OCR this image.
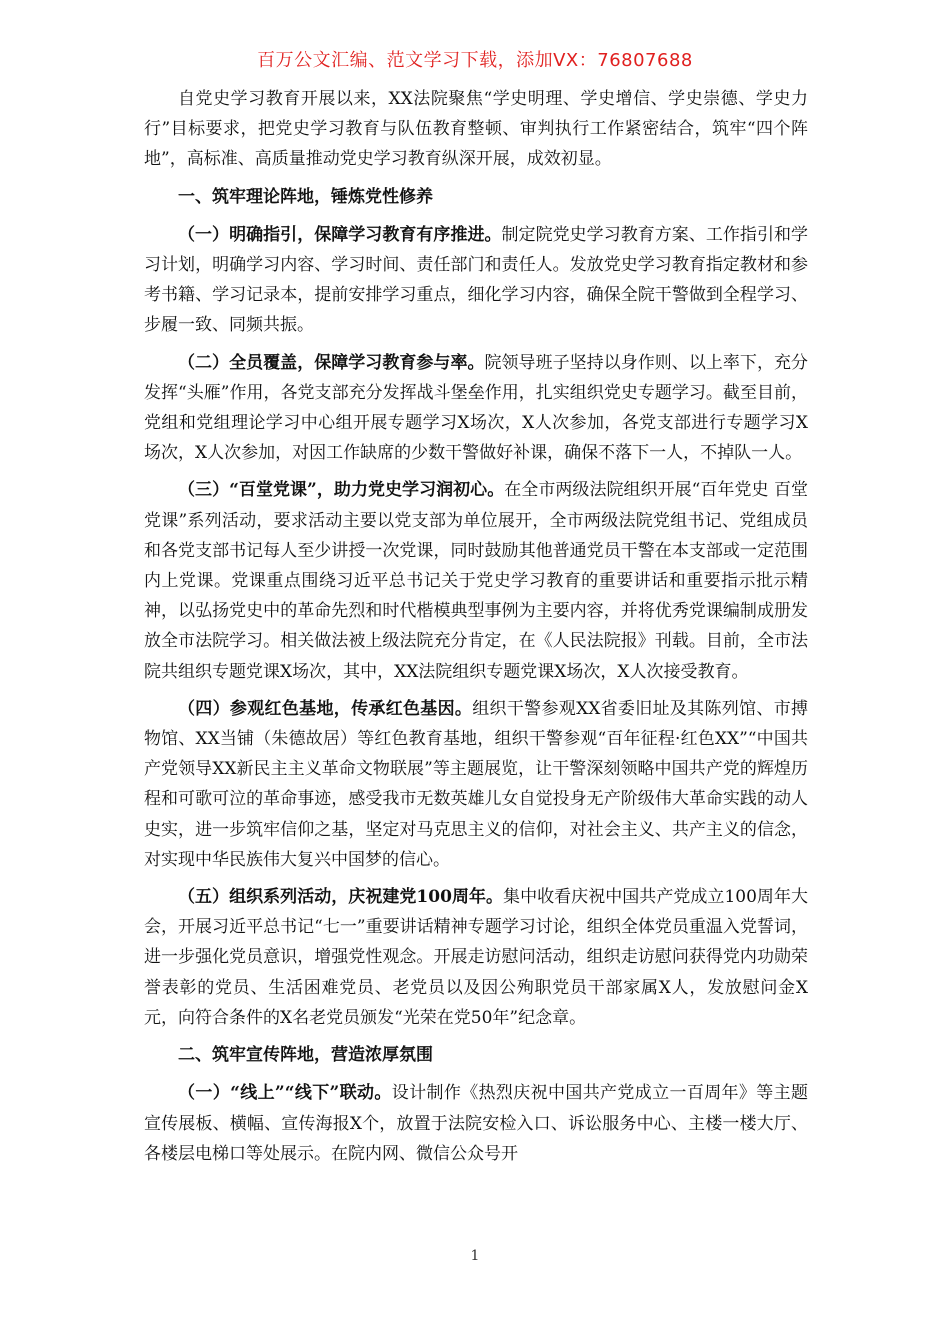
百万公文汇编、范文学习下载，添加VX：76807688

自党史学习教育开展以来，XX法院聚焦“学史明理、学史增信、学史崇德、学史力行”目标要求，把党史学习教育与队伍教育整顿、审判执行工作紧密结合，筑牢“四个阵地”，高标准、高质量推动党史学习教育纵深开展，成效初显。

一、筑牢理论阵地，锤炼党性修养

（一）明确指引，保障学习教育有序推进。制定院党史学习教育方案、工作指引和学习计划，明确学习内容、学习时间、责任部门和责任人。发放党史学习教育指定教材和参考书籍、学习记录本，提前安排学习重点，细化学习内容，确保全院干警做到全程学习、步履一致、同频共振。

（二）全员覆盖，保障学习教育参与率。院领导班子坚持以身作则、以上率下，充分发挥“头雁”作用，各党支部充分发挥战斗堡垒作用，扎实组织党史专题学习。截至目前，党组和党组理论学习中心组开展专题学习X场次，X人次参加，各党支部进行专题学习X场次，X人次参加，对因工作缺席的少数干警做好补课，确保不落下一人，不掉队一人。

（三）“百堂党课”，助力党史学习润初心。在全市两级法院组织开展“百年党史 百堂党课”系列活动，要求活动主要以党支部为单位展开，全市两级法院党组书记、党组成员和各党支部书记每人至少讲授一次党课，同时鼓励其他普通党员干警在本支部或一定范围内上党课。党课重点围绕习近平总书记关于党史学习教育的重要讲话和重要指示批示精神，以弘扬党史中的革命先烈和时代楷模典型事例为主要内容，并将优秀党课编制成册发放全市法院学习。相关做法被上级法院充分肯定，在《人民法院报》刊载。目前，全市法院共组织专题党课X场次，其中，XX法院组织专题党课X场次，X人次接受教育。

（四）参观红色基地，传承红色基因。组织干警参观XX省委旧址及其陈列馆、市搏物馆、XX当铺（朱德故居）等红色教育基地，组织干警参观“百年征程·红色XX”“中国共产党领导XX新民主主义革命文物联展”等主题展览，让干警深刻领略中国共产党的辉煌历程和可歌可泣的革命事迹，感受我市无数英雄儿女自觉投身无产阶级伟大革命实践的动人史实，进一步筑牢信仰之基，坚定对马克思主义的信仰，对社会主义、共产主义的信念，对实现中华民族伟大复兴中国梦的信心。

（五）组织系列活动，庆祝建党100周年。集中收看庆祝中国共产党成立100周年大会，开展习近平总书记“七一”重要讲话精神专题学习讨论，组织全体党员重温入党誓词，进一步强化党员意识，增强党性观念。开展走访慰问活动，组织走访慰问获得党内功勋荣誉表彰的党员、生活困难党员、老党员以及因公殉职党员干部家属X人，发放慰问金X元，向符合条件的X名老党员颁发“光荣在党50年”纪念章。

二、筑牢宣传阵地，营造浓厚氛围

（一）“线上”“线下”联动。设计制作《热烈庆祝中国共产党成立一百周年》等主题宣传展板、横幅、宣传海报X个，放置于法院安检入口、诉讼服务中心、主楼一楼大厅、各楼层电梯口等处展示。在院内网、微信公众号开

1
